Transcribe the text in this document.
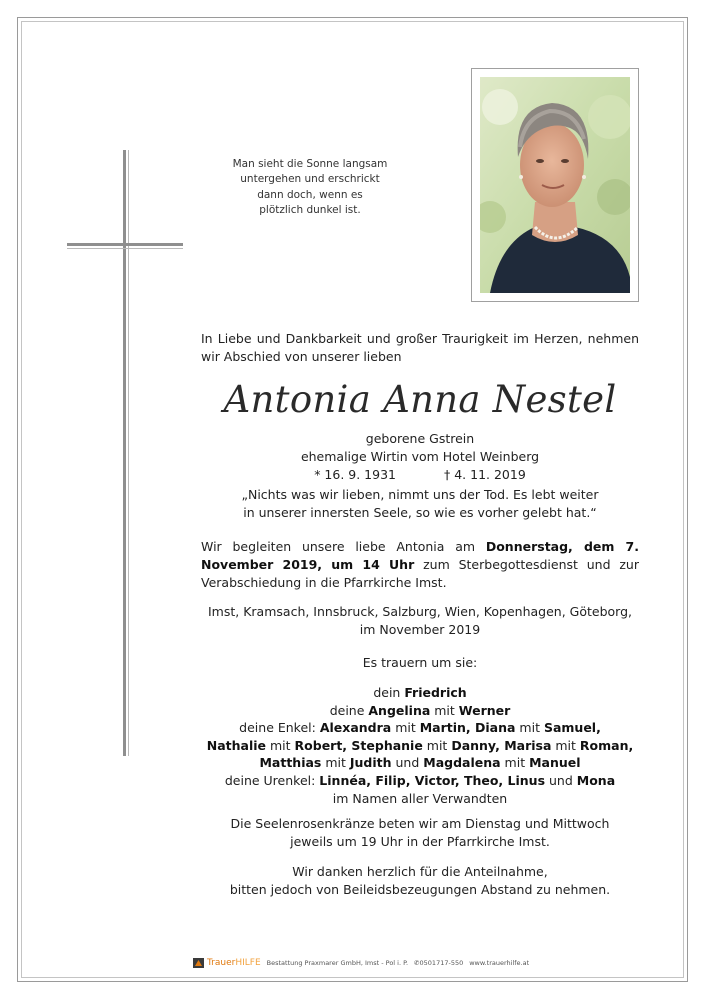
Man sieht die Sonne langsam
untergehen und erschrickt
dann doch, wenn es
plötzlich dunkel ist.
In Liebe und Dankbarkeit und großer Traurigkeit im Herzen, nehmen wir Abschied von unserer lieben
Antonia Anna Nestel
geborene Gstrein
ehemalige Wirtin vom Hotel Weinberg
* 16. 9. 1931	† 4. 11. 2019
„Nichts was wir lieben, nimmt uns der Tod. Es lebt weiter
in unserer innersten Seele, so wie es vorher gelebt hat.“
Wir begleiten unsere liebe Antonia am Donnerstag, dem 7. November 2019, um 14 Uhr zum Sterbegottesdienst und zur Verabschiedung in die Pfarrkirche Imst.
Imst, Kramsach, Innsbruck, Salzburg, Wien, Kopenhagen, Göteborg,
im November 2019
Es trauern um sie:
dein Friedrich
deine Angelina mit Werner
deine Enkel: Alexandra mit Martin, Diana mit Samuel,
Nathalie mit Robert, Stephanie mit Danny, Marisa mit Roman,
Matthias mit Judith und Magdalena mit Manuel
deine Urenkel: Linnéa, Filip, Victor, Theo, Linus und Mona
im Namen aller Verwandten
Die Seelenrosenkränze beten wir am Dienstag und Mittwoch
jeweils um 19 Uhr in der Pfarrkirche Imst.
Wir danken herzlich für die Anteilnahme,
bitten jedoch von Beileidsbezeugungen Abstand zu nehmen.
TrauerHILFE Bestattung Praxmarer GmbH, Imst - Pol i. P. ✆0501717-550 www.trauerhilfe.at
